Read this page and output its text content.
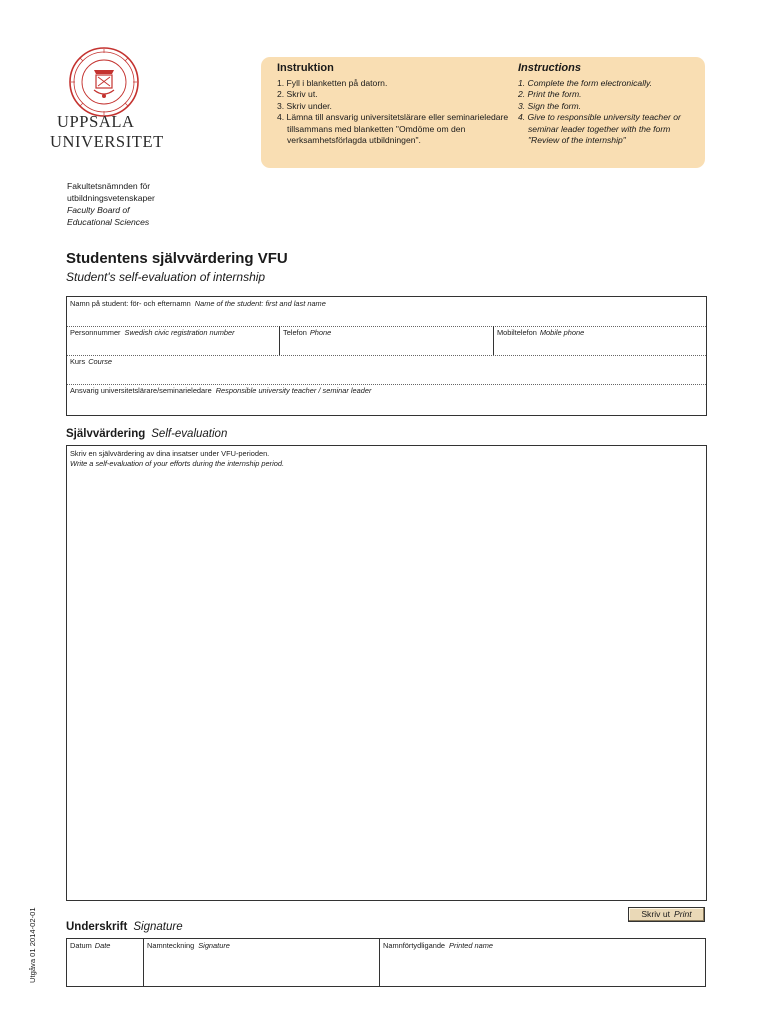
UPPSALA
UNIVERSITET
Instruktion
1. Fyll i blanketten på datorn.
2. Skriv ut.
3. Skriv under.
4. Lämna till ansvarig universitetslärare eller seminarieledare tillsammans med blanketten "Omdöme om den verksamhetsförlagda utbildningen".
Instructions
1. Complete the form electronically.
2. Print the form.
3. Sign the form.
4. Give to responsible university teacher or seminar leader together with the form "Review of the internship"
Fakultetsnämnden för
utbildningsvetenskaper
Faculty Board of
Educational Sciences
Studentens självvärdering VFU
Student's self-evaluation of internship
Namn på student: för- och efternamn Name of the student: first and last name
Personnummer Swedish civic registration number	Telefon Phone	Mobiltelefon Mobile phone
Kurs Course
Ansvarig universitetslärare/seminarieledare Responsible university teacher / seminar leader
Självvärdering Self-evaluation
Skriv en självvärdering av dina insatser under VFU-perioden.
Write a self-evaluation of your efforts during the internship period.
Skriv ut Print
Underskrift Signature
Datum Date	Namnteckning Signature	Namnförtydligande Printed name
Utgåva 01 2014-02-01
